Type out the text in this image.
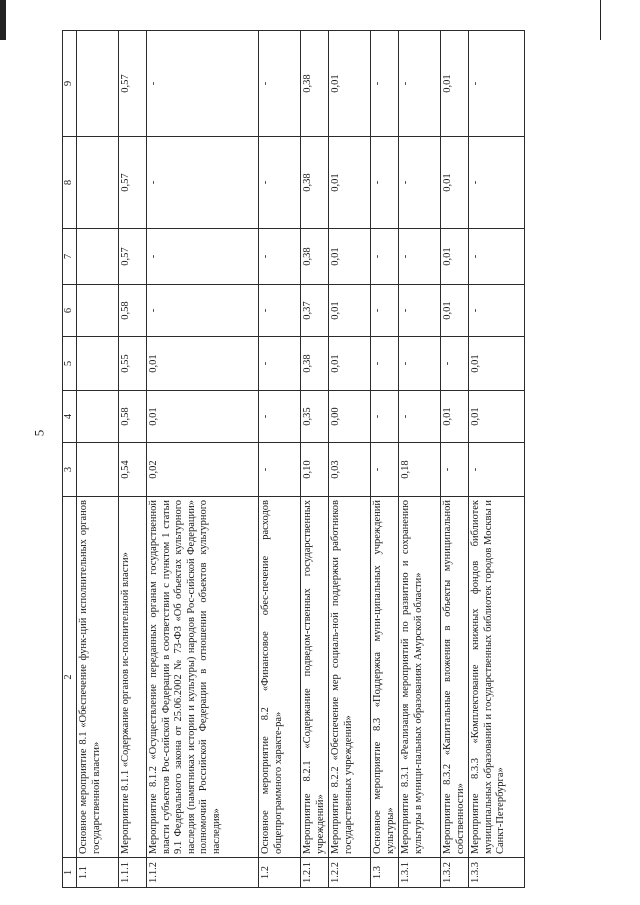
5
1	2	3	4	5	6	7	8	9
1.1	Основное мероприятие 8.1 «Обеспечение функ-ций исполнительных органов государственной власти»							
1.1.1	Мероприятие 8.1.1 «Содержание органов ис-полнительной власти»	0,54	0,58	0,55	0,58	0,57	0,57	0,57
1.1.2	Мероприятие 8.1.2 «Осуществление переданных органам государственной власти субъектов Рос-сийской Федерации в соответствии с пунктом 1 статьи 9.1 Федерального закона от 25.06.2002 № 73-ФЗ «Об объектах культурного наследия (памятниках истории и культуры) народов Рос-сийской Федерации» полномочий Российской Федерации в отношении объектов культурного наследия»	0,02	0,01	0,01	-	-	-	-
1.2	Основное мероприятие 8.2 «Финансовое обес-печение расходов общепрограммного характе-ра»	-	-	-	-	-	-	-
1.2.1	Мероприятие 8.2.1 «Содержание подведом-ственных государственных учреждений»	0,10	0,35	0,38	0,37	0,38	0,38	0,38
1.2.2	Мероприятие 8.2.2 «Обеспечение мер социаль-ной поддержки работников государственных учреждений»	0,03	0,00	0,01	0,01	0,01	0,01	0,01
1.3	Основное мероприятие 8.3 «Поддержка муни-ципальных учреждений культуры»	-	-	-	-	-	-	-
1.3.1	Мероприятие 8.3.1 «Реализация мероприятий по развитию и сохранению культуры в муници-пальных образованиях Амурской области»	0,18	-	-	-	-	-	-
1.3.2	Мероприятие 8.3.2 «Капитальные вложения в объекты муниципальной собственности»	-	0,01	-	0,01	0,01	0,01	0,01
1.3.3	Мероприятие 8.3.3 «Комплектование книжных фондов библиотек муниципальных образований и государственных библиотек городов Москвы и Санкт-Петербурга»	-	0,01	0,01	-	-	-	-
